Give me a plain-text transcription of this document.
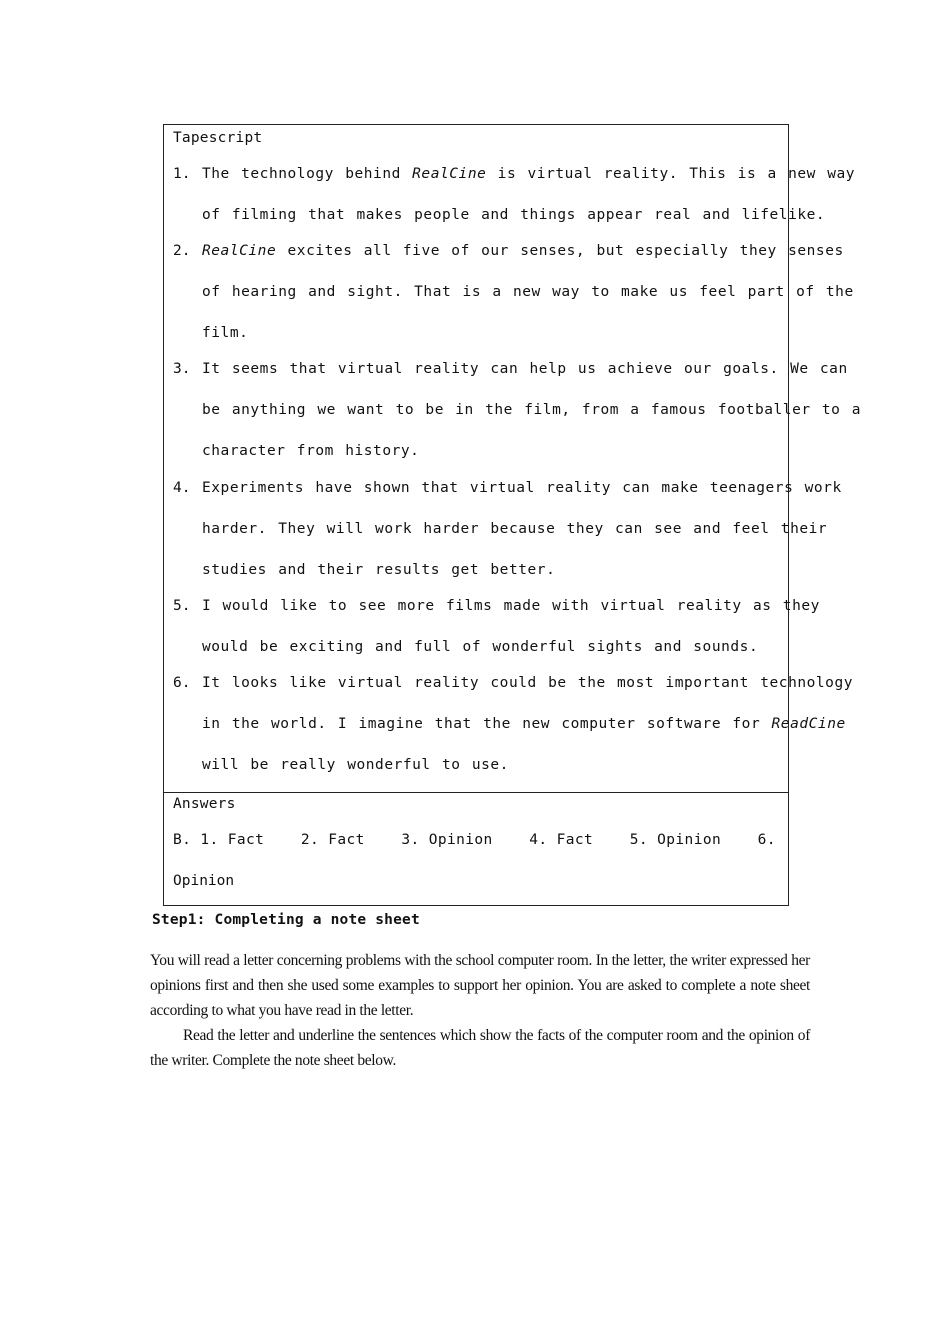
Tapescript
1. The technology behind RealCine is virtual reality. This is a new way
of filming that makes people and things appear real and lifelike.
2. RealCine excites all five of our senses, but especially they senses
of hearing and sight. That is a new way to make us feel part of the
film.
3. It seems that virtual reality can help us achieve our goals. We can
be anything we want to be in the film, from a famous footballer to a
character from history.
4. Experiments have shown that virtual reality can make teenagers work
harder. They will work harder because they can see and feel their
studies and their results get better.
5. I would like to see more films made with virtual reality as they
would be exciting and full of wonderful sights and sounds.
6. It looks like virtual reality could be the most important technology
in the world. I imagine that the new computer software for ReadCine
will be really wonderful to use.
Answers
B. 1. Fact	2. Fact	3. Opinion	4. Fact	5. Opinion	6.
Opinion
Step1: Completing a note sheet
You will read a letter concerning problems with the school computer room. In the letter, the writer expressed her opinions first and then she used some examples to support her opinion. You are asked to complete a note sheet according to what you have read in the letter.
Read the letter and underline the sentences which show the facts of the computer room and the opinion of the writer. Complete the note sheet below.
